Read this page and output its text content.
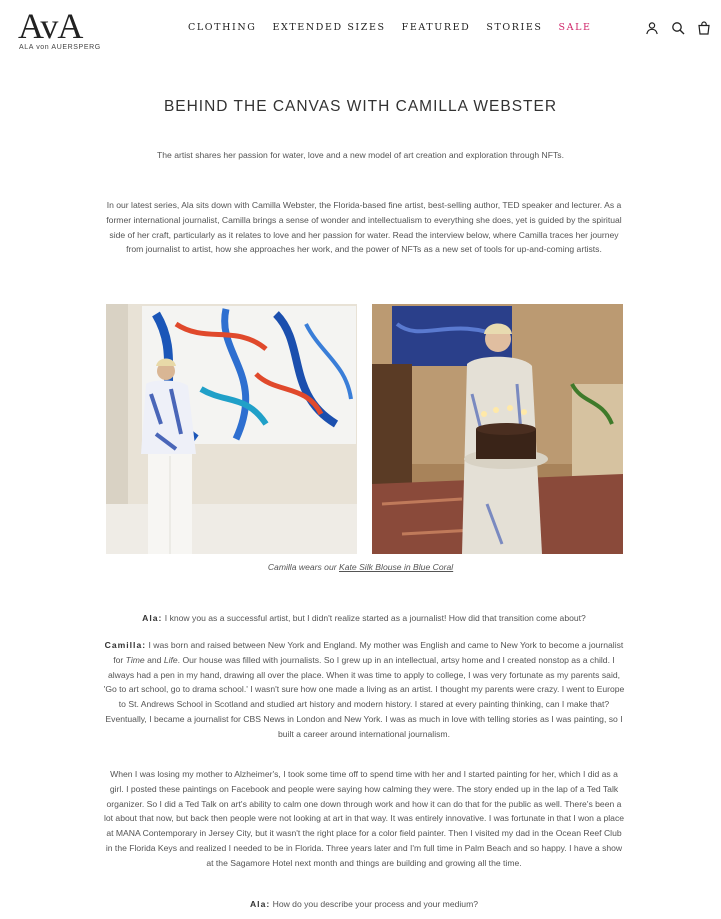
AvA
ALA von AUERSPERG
CLOTHING EXTENDED SIZES FEATURED STORIES SALE
BEHIND THE CANVAS WITH CAMILLA WEBSTER

The artist shares her passion for water, love and a new model of art creation and exploration through NFTs.

In our latest series, Ala sits down with Camilla Webster, the Florida-based fine artist, best-selling author, TED speaker and lecturer. As a former international journalist, Camilla brings a sense of wonder and intellectualism to everything she does, yet is guided by the spiritual side of her craft, particularly as it relates to love and her passion for water. Read the interview below, where Camilla traces her journey from journalist to artist, how she approaches her work, and the power of NFTs as a new set of tools for up-and-coming artists.

Camilla wears our Kate Silk Blouse in Blue Coral

Ala: I know you as a successful artist, but I didn't realize started as a journalist! How did that transition come about?

Camilla: I was born and raised between New York and England. My mother was English and came to New York to become a journalist for Time and Life. Our house was filled with journalists. So I grew up in an intellectual, artsy home and I created nonstop as a child. I always had a pen in my hand, drawing all over the place. When it was time to apply to college, I was very fortunate as my parents said, 'Go to art school, go to drama school.' I wasn't sure how one made a living as an artist. I thought my parents were crazy. I went to Europe to St. Andrews School in Scotland and studied art history and modern history. I stared at every painting thinking, can I make that? Eventually, I became a journalist for CBS News in London and New York. I was as much in love with telling stories as I was painting, so I built a career around international journalism.

When I was losing my mother to Alzheimer's, I took some time off to spend time with her and I started painting for her, which I did as a girl. I posted these paintings on Facebook and people were saying how calming they were. The story ended up in the lap of a Ted Talk organizer. So I did a Ted Talk on art's ability to calm one down through work and how it can do that for the public as well. There's been a lot about that now, but back then people were not looking at art in that way. It was entirely innovative. I was fortunate in that I won a place at MANA Contemporary in Jersey City, but it wasn't the right place for a color field painter. Then I visited my dad in the Ocean Reef Club in the Florida Keys and realized I needed to be in Florida. Three years later and I'm full time in Palm Beach and so happy. I have a show at the Sagamore Hotel next month and things are building and growing all the time.

Ala: How do you describe your process and your medium?
